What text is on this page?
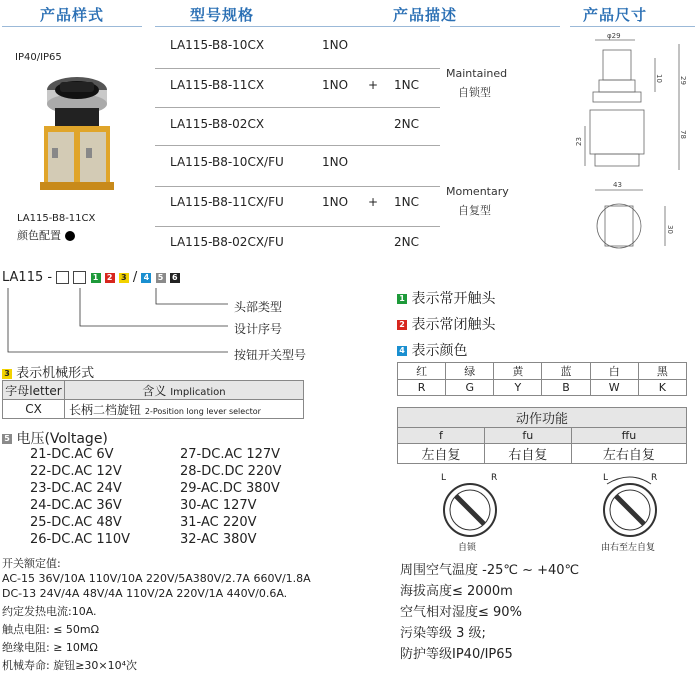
产品样式	型号规格	产品描述	产品尺寸
IP40/IP65
LA115-B8-11CX
颜色配置
LA115-B8-10CX	1NO
LA115-B8-11CX	1NO + 1NC
LA115-B8-02CX	2NC
LA115-B8-10CX/FU	1NO
LA115-B8-11CX/FU	1NO + 1NC
LA115-B8-02CX/FU	2NC
Maintained
自锁型
Momentary
自复型
φ29
10 29
78
23
43
30
LA115 -	1 2 3 / 4 5 6
头部类型
设计序号
按钮开关型号
1 表示常开触头
2 表示常闭触头
4 表示颜色
红	绿	黄	蓝	白	黑
R	G	Y	B	W	K
3 表示机械形式
字母letter	含义 Implication
CX	长柄二档旋钮 2-Position long lever selector
动作功能		
f	fu	ffu
左自复	右自复	左右自复
L	R
自锁
L	R
由右至左自复
5 电压(Voltage)
21-DC.AC 6V
22-DC.AC 12V
23-DC.AC 24V
24-DC.AC 36V
25-DC.AC 48V
26-DC.AC 110V
27-DC.AC 127V
28-DC.DC 220V
29-AC.DC 380V
30-AC 127V
31-AC 220V
32-AC 380V
开关额定值:
AC-15 36V/10A 110V/10A 220V/5A380V/2.7A 660V/1.8A
DC-13 24V/4A 48V/4A 110V/2A 220V/1A 440V/0.6A.
约定发热电流:10A.
触点电阻: ≤ 50mΩ
绝缘电阻: ≥ 10MΩ
机械寿命: 旋钮≥30×10⁴次
周围空气温度 -25℃ ~ +40℃
海拔高度≤ 2000m
空气相对湿度≤ 90%
污染等级 3 级;
防护等级IP40/IP65
